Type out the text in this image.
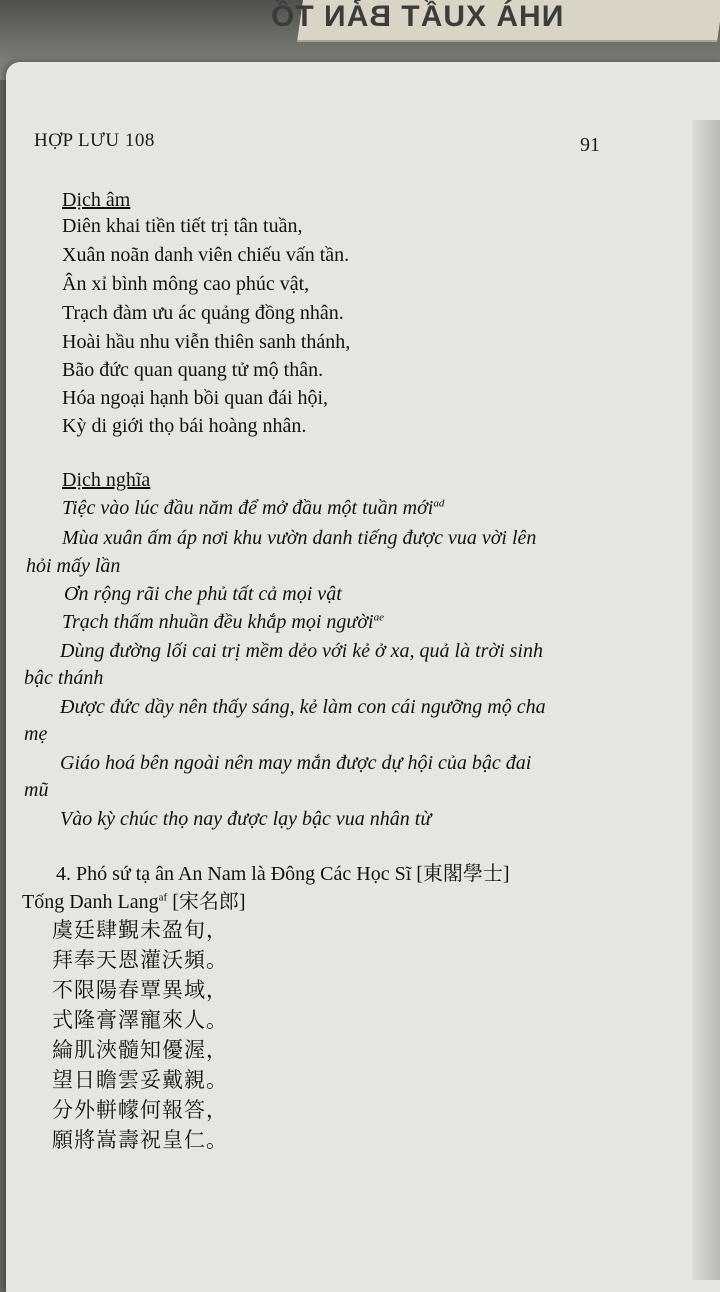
NHÀ XUẤT BẢN TỔ
HỢP LƯU 108	91
Dịch âm
Diên khai tiền tiết trị tân tuần,
Xuân noãn danh viên chiếu vấn tần.
Ân xỉ bình mông cao phúc vật,
Trạch đàm ưu ác quảng đồng nhân.
Hoài hầu nhu viễn thiên sanh thánh,
Bão đức quan quang tử mộ thân.
Hóa ngoại hạnh bồi quan đái hội,
Kỳ di giới thọ bái hoàng nhân.
Dịch nghĩa
Tiệc vào lúc đầu năm để mở đầu một tuần mới$^{ad}$
Mùa xuân ấm áp nơi khu vườn danh tiếng được vua vời lên
hỏi mấy lần
Ơn rộng rãi che phủ tất cả mọi vật
Trạch thấm nhuần đều khắp mọi người$^{ae}$
Dùng đường lối cai trị mềm dẻo với kẻ ở xa, quả là trời sinh
bậc thánh
Được đức dầy nên thấy sáng, kẻ làm con cái ngưỡng mộ cha
mẹ
Giáo hoá bên ngoài nên may mắn được dự hội của bậc đai
mũ
Vào kỳ chúc thọ nay được lạy bậc vua nhân từ
4. Phó sứ tạ ân An Nam là Đông Các Học Sĩ [東閣學士]
Tống Danh Lang$^{af}$ [宋名郎]
虞廷肆覲未盈旬，
拜奉天恩灌沃頻。
不限陽春覃異域，
式隆膏澤寵來人。
綸肌浹髓知優渥，
望日瞻雲妥戴親。
分外軿幪何報答，
願將嵩壽祝皇仁。
